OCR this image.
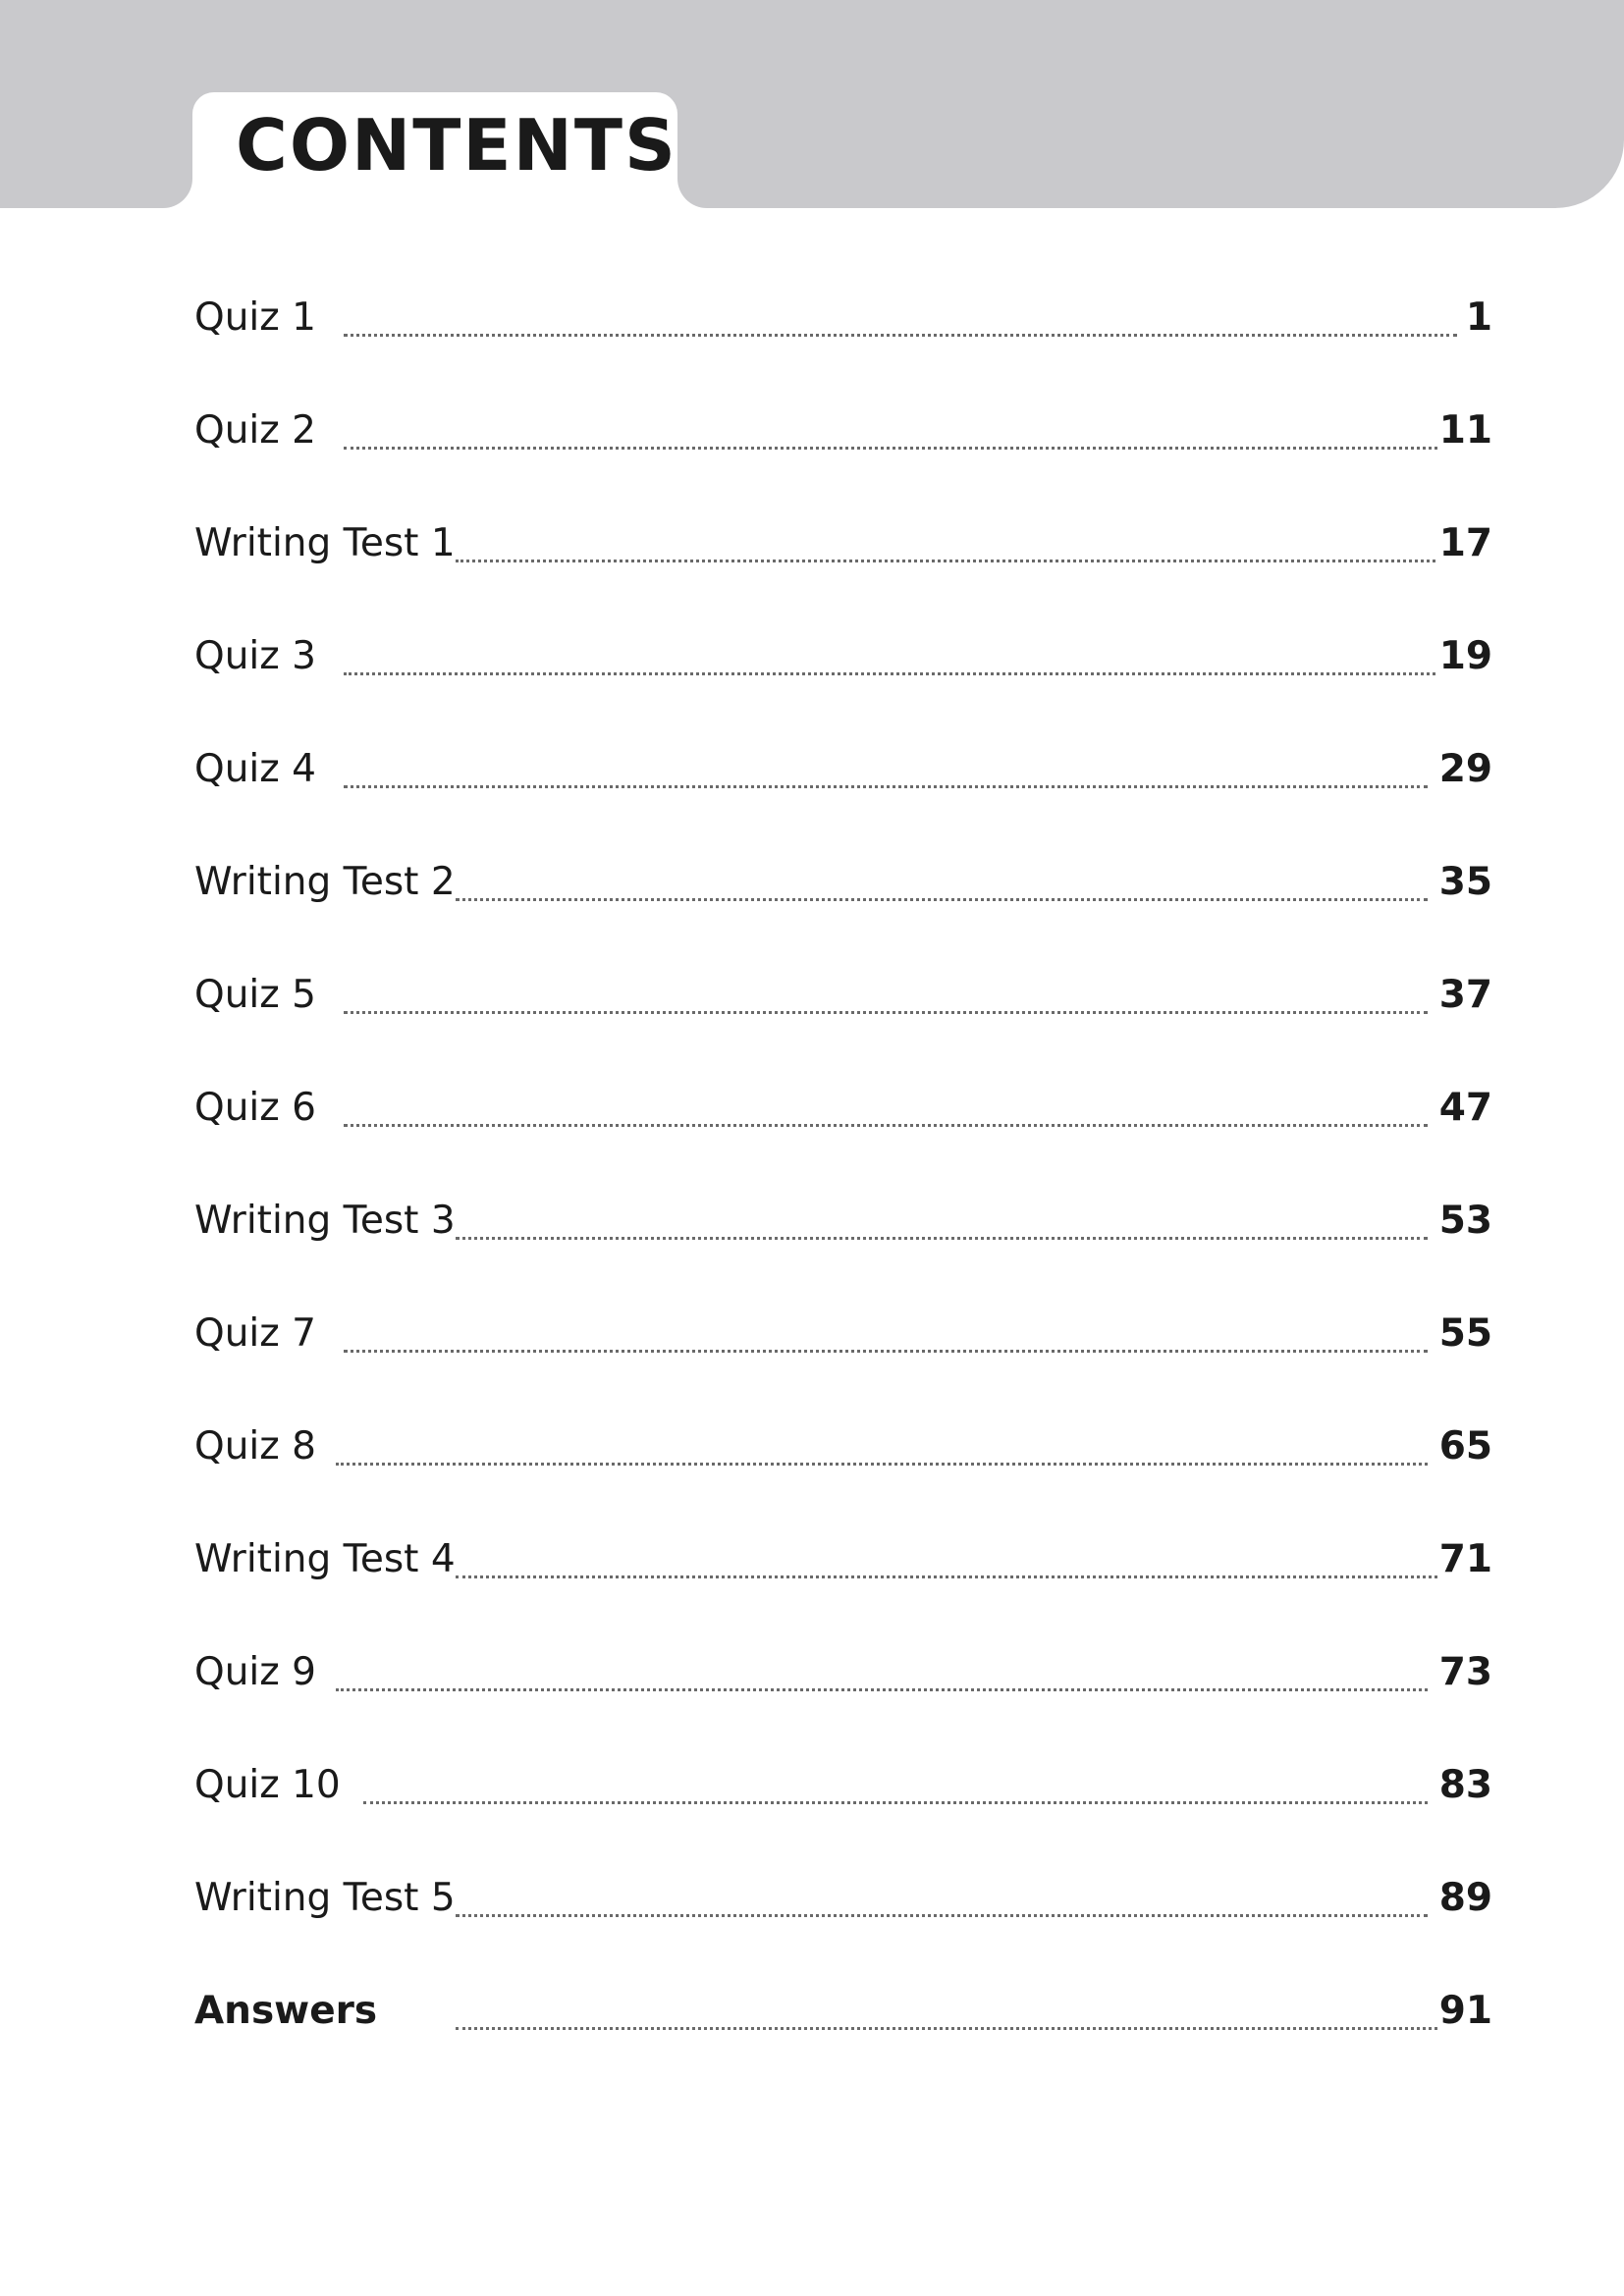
CONTENTS
Quiz 1	1
Quiz 2	11
Writing Test 1	17
Quiz 3	19
Quiz 4	29
Writing Test 2	35
Quiz 5	37
Quiz 6	47
Writing Test 3	53
Quiz 7	55
Quiz 8	65
Writing Test 4	71
Quiz 9	73
Quiz 10	83
Writing Test 5	89
Answers	91
